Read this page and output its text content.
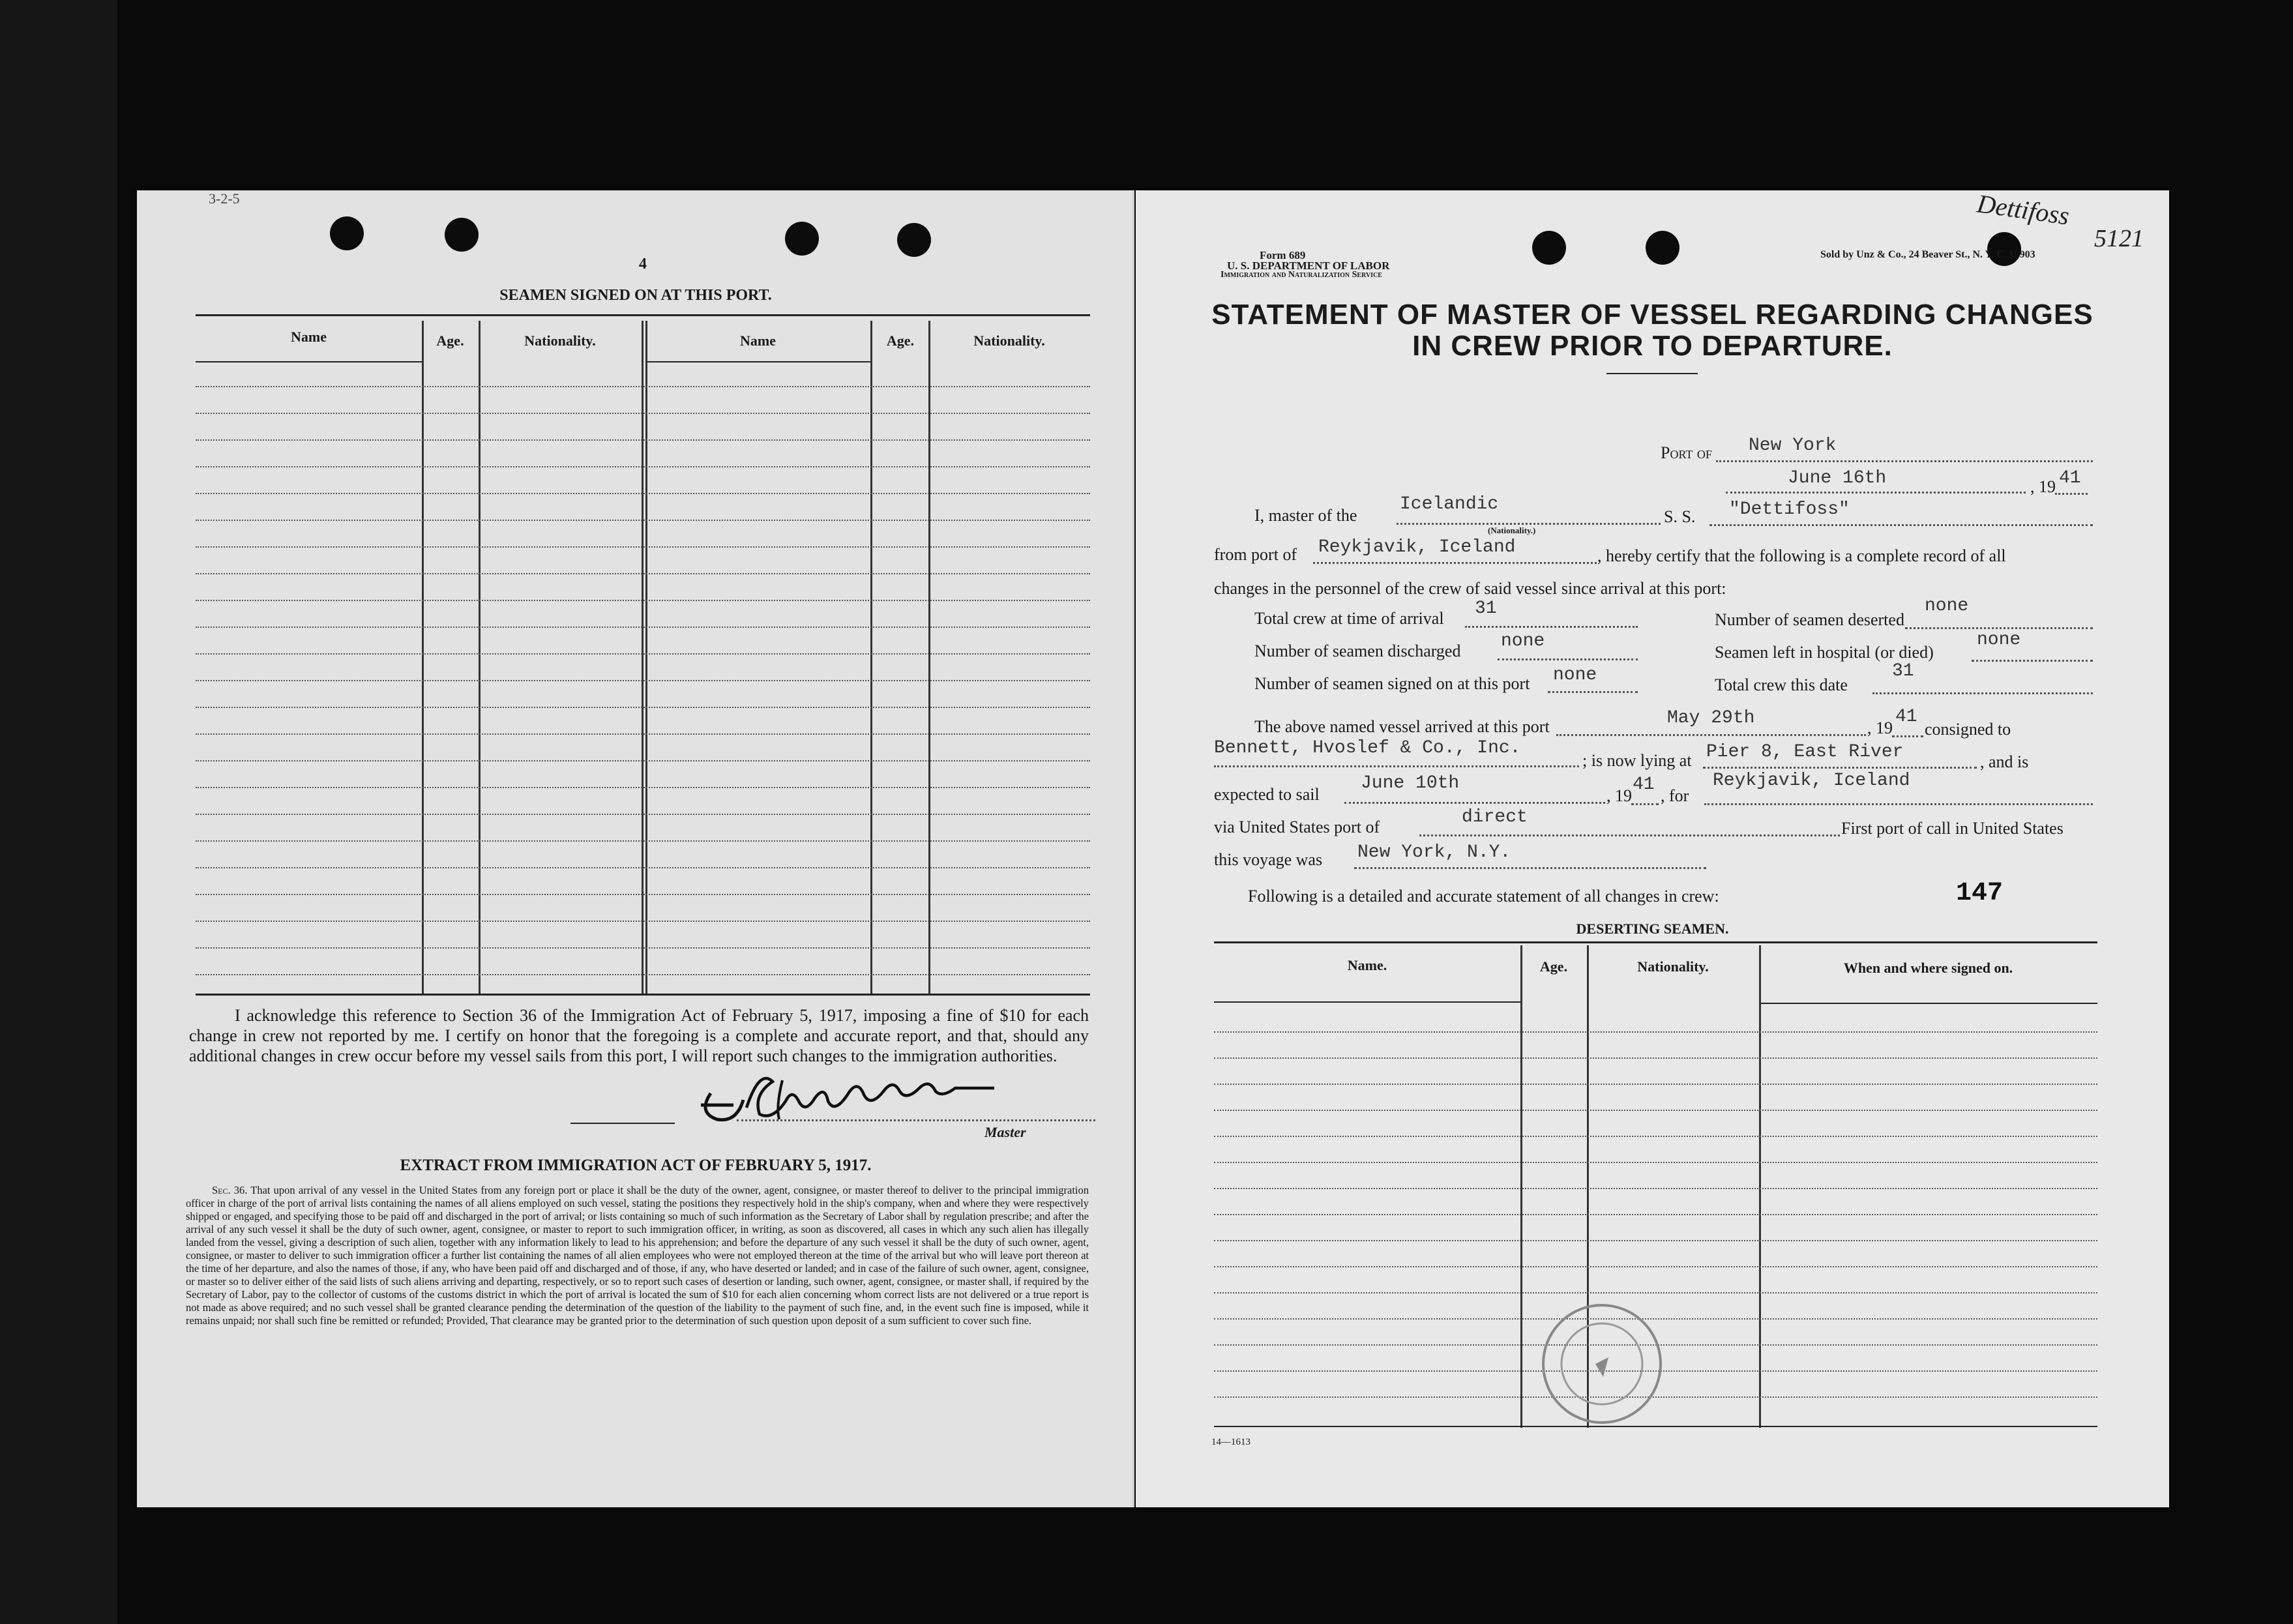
3-2-5
4
SEAMEN SIGNED ON AT THIS PORT.
Name	Age.	Nationality.	Name	Age.	Nationality.
I acknowledge this reference to Section 36 of the Immigration Act of February 5, 1917, imposing a fine of $10 for each change in crew not reported by me. I certify on honor that the foregoing is a complete and accurate report, and that, should any additional changes in crew occur before my vessel sails from this port, I will report such changes to the immigration authorities.
Master
EXTRACT FROM IMMIGRATION ACT OF FEBRUARY 5, 1917.
Sec. 36. That upon arrival of any vessel in the United States from any foreign port or place it shall be the duty of the owner, agent, consignee, or master thereof to deliver to the principal immigration officer in charge of the port of arrival lists containing the names of all aliens employed on such vessel, stating the positions they respectively hold in the ship's company, when and where they were respectively shipped or engaged, and specifying those to be paid off and discharged in the port of arrival; or lists containing so much of such information as the Secretary of Labor shall by regulation prescribe; and after the arrival of any such vessel it shall be the duty of such owner, agent, consignee, or master to report to such immigration officer, in writing, as soon as discovered, all cases in which any such alien has illegally landed from the vessel, giving a description of such alien, together with any information likely to lead to his apprehension; and before the departure of any such vessel it shall be the duty of such owner, agent, consignee, or master to deliver to such immigration officer a further list containing the names of all alien employees who were not employed thereon at the time of the arrival but who will leave port thereon at the time of her departure, and also the names of those, if any, who have been paid off and discharged and of those, if any, who have deserted or landed; and in case of the failure of such owner, agent, consignee, or master so to deliver either of the said lists of such aliens arriving and departing, respectively, or so to report such cases of desertion or landing, such owner, agent, consignee, or master shall, if required by the Secretary of Labor, pay to the collector of customs of the customs district in which the port of arrival is located the sum of $10 for each alien concerning whom correct lists are not delivered or a true report is not made as above required; and no such vessel shall be granted clearance pending the determination of the question of the liability to the payment of such fine, and, in the event such fine is imposed, while it remains unpaid; nor shall such fine be remitted or refunded; Provided, That clearance may be granted prior to the determination of such question upon deposit of a sum sufficient to cover such fine.
Form 689
U. S. DEPARTMENT OF LABOR
Immigration and Naturalization Service
Sold by Unz & Co., 24 Beaver St., N. Y. C. U 903
Dettifoss
5121
STATEMENT OF MASTER OF VESSEL REGARDING CHANGES
IN CREW PRIOR TO DEPARTURE.
Port of New York
June 16th	, 19 41
I, master of the
Icelandic
(Nationality.)
S. S. "Dettifoss"
from port of Reykjavik, Iceland	, hereby certify that the following is a complete record of all
changes in the personnel of the crew of said vessel since arrival at this port:
Total crew at time of arrival 31
Number of seamen deserted
none
Number of seamen discharged none
Seamen left in hospital (or died)
none
Number of seamen signed on at this port none	Total crew this date
31
The above named vessel arrived at this port	May 29th	, 19
41
consigned to
Bennett, Hvoslef & Co., Inc.
; is now lying at Pier 8, East River	, and is
expected to sail
June 10th
, 19
41
, for
Reykjavik, Iceland
via United States port of	direct
First port of call in United States
this voyage was New York, N.Y.
Following is a detailed and accurate statement of all changes in crew:	147
DESERTING SEAMEN.
Name.	Age.	Nationality.	When and where signed on.
14—1613
